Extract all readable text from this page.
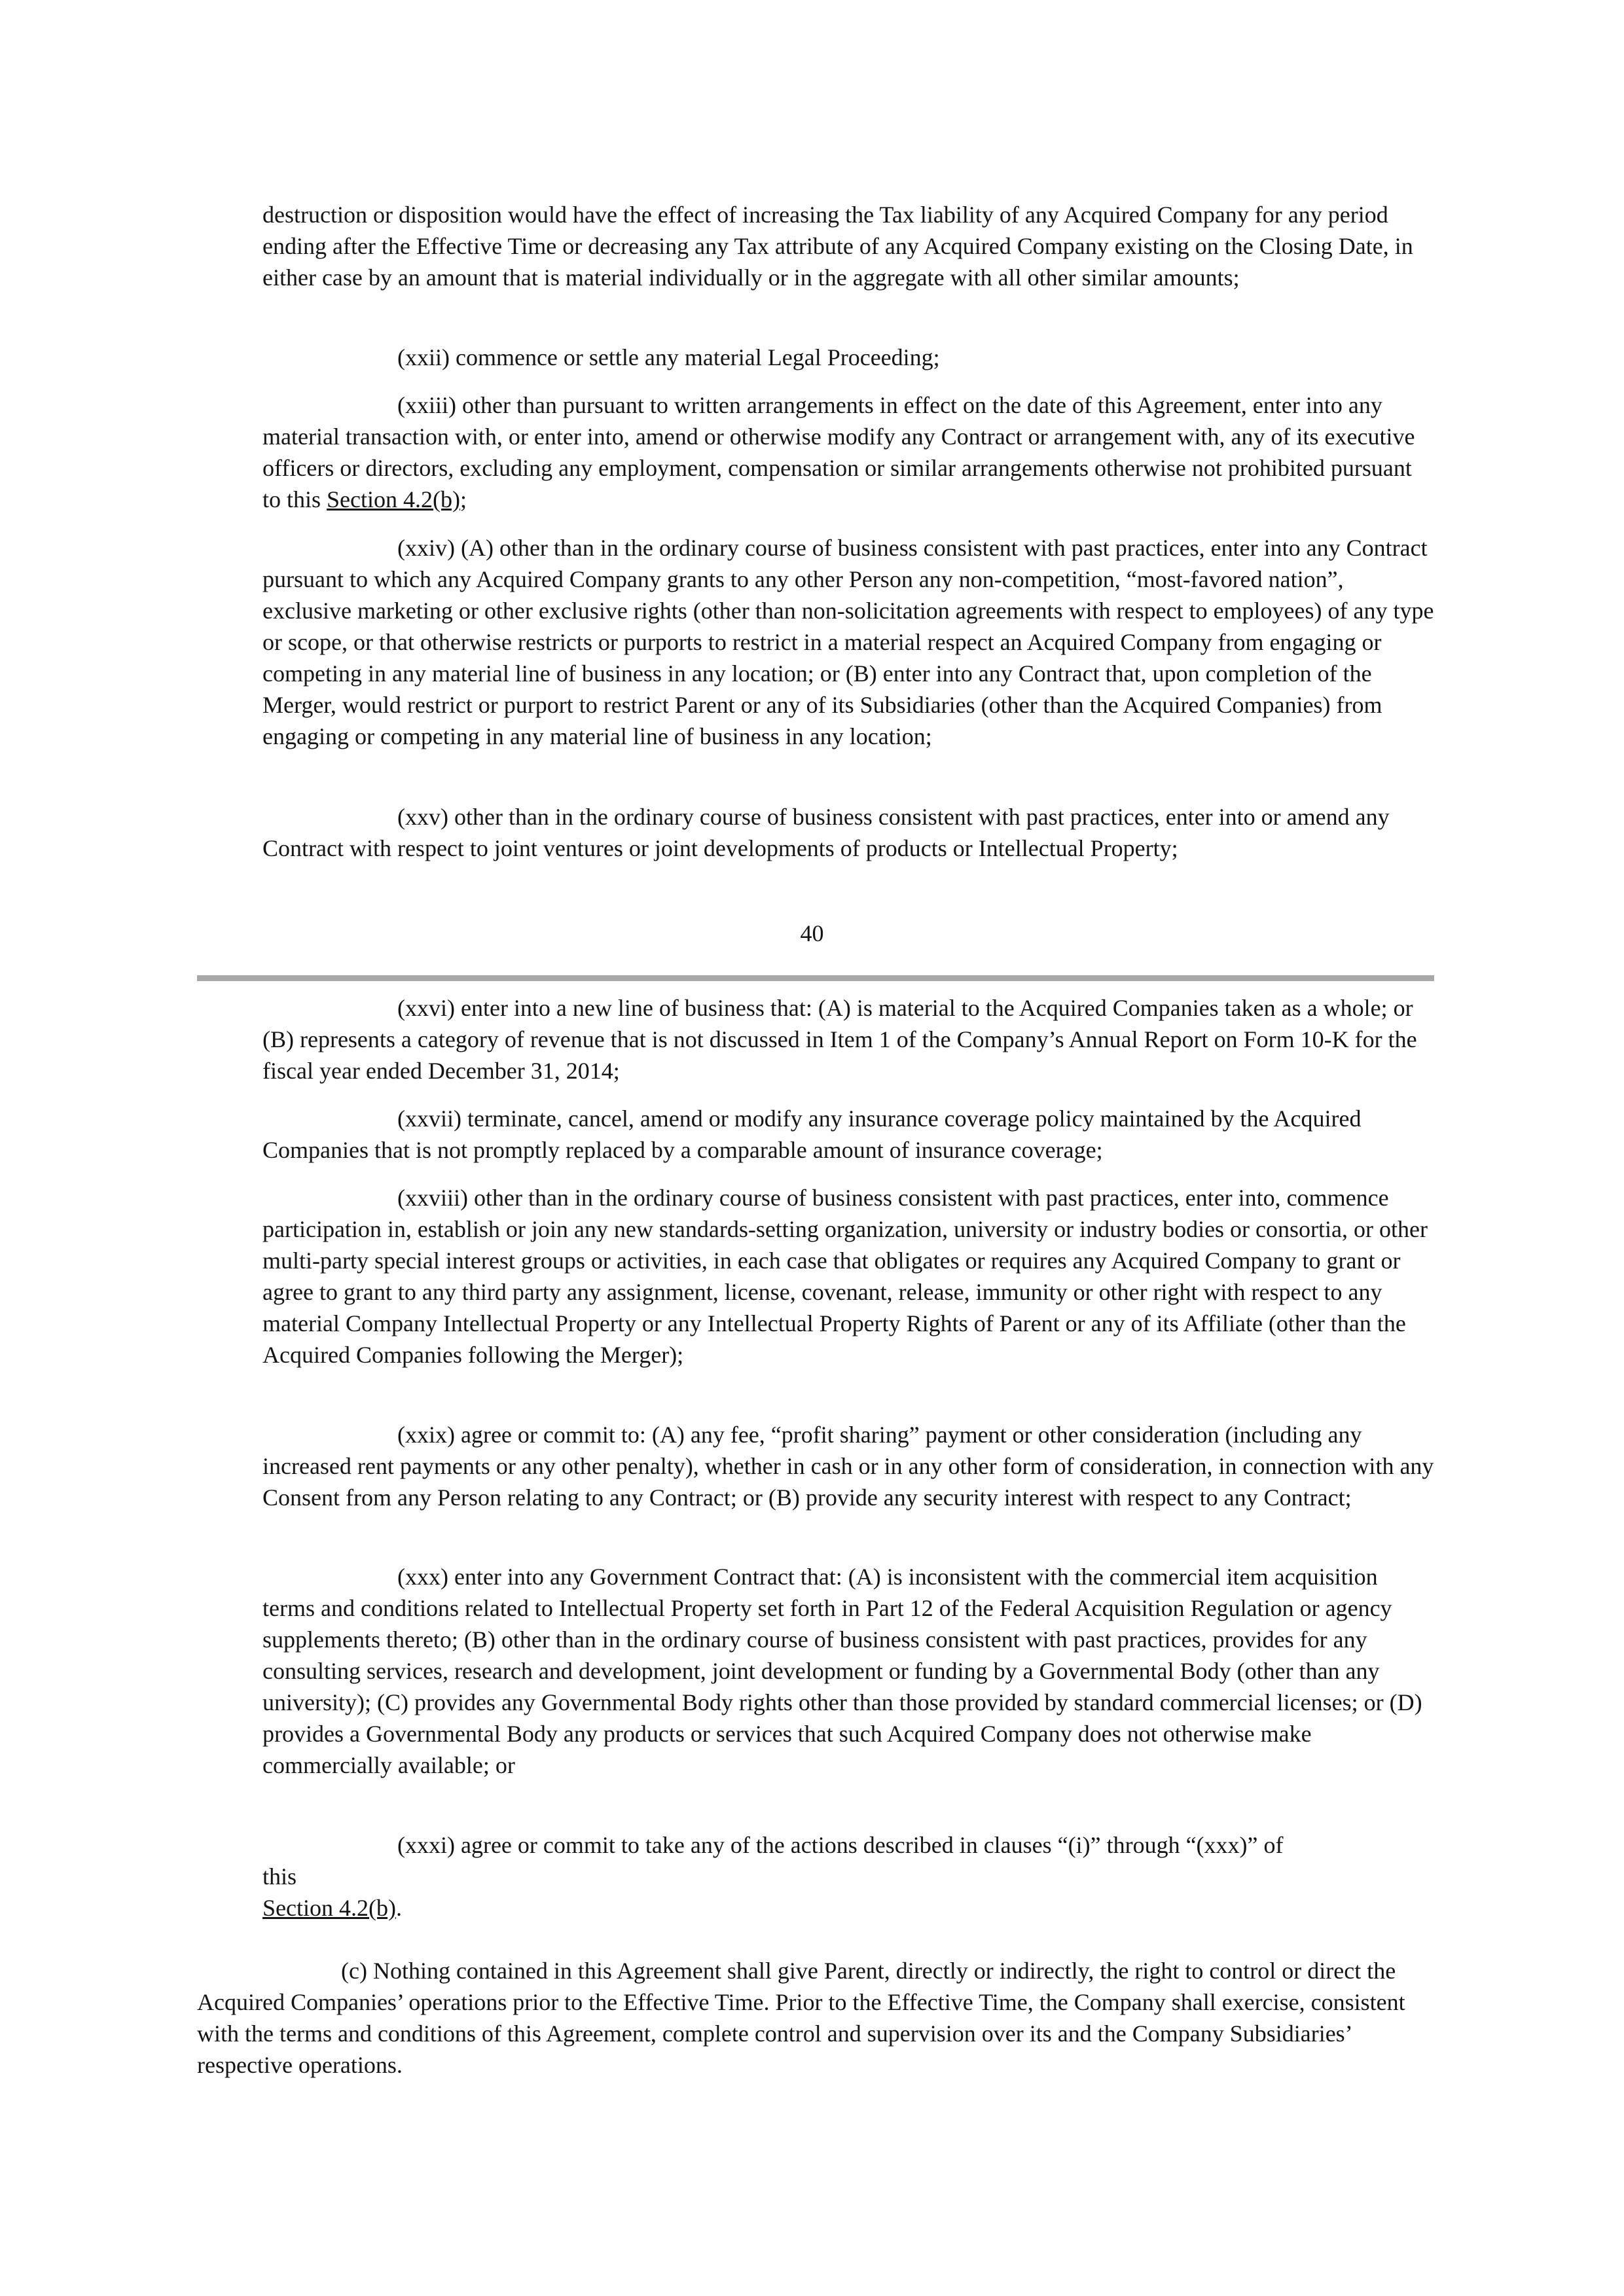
destruction or disposition would have the effect of increasing the Tax liability of any Acquired Company for any period ending after the Effective Time or decreasing any Tax attribute of any Acquired Company existing on the Closing Date, in either case by an amount that is material individually or in the aggregate with all other similar amounts;
(xxii) commence or settle any material Legal Proceeding;
(xxiii) other than pursuant to written arrangements in effect on the date of this Agreement, enter into any material transaction with, or enter into, amend or otherwise modify any Contract or arrangement with, any of its executive officers or directors, excluding any employment, compensation or similar arrangements otherwise not prohibited pursuant to this Section 4.2(b);
(xxiv) (A) other than in the ordinary course of business consistent with past practices, enter into any Contract pursuant to which any Acquired Company grants to any other Person any non-competition, “most-favored nation”, exclusive marketing or other exclusive rights (other than non-solicitation agreements with respect to employees) of any type or scope, or that otherwise restricts or purports to restrict in a material respect an Acquired Company from engaging or competing in any material line of business in any location; or (B) enter into any Contract that, upon completion of the Merger, would restrict or purport to restrict Parent or any of its Subsidiaries (other than the Acquired Companies) from engaging or competing in any material line of business in any location;
(xxv) other than in the ordinary course of business consistent with past practices, enter into or amend any Contract with respect to joint ventures or joint developments of products or Intellectual Property;
40
(xxvi) enter into a new line of business that: (A) is material to the Acquired Companies taken as a whole; or (B) represents a category of revenue that is not discussed in Item 1 of the Company’s Annual Report on Form 10-K for the fiscal year ended December 31, 2014;
(xxvii) terminate, cancel, amend or modify any insurance coverage policy maintained by the Acquired Companies that is not promptly replaced by a comparable amount of insurance coverage;
(xxviii) other than in the ordinary course of business consistent with past practices, enter into, commence participation in, establish or join any new standards-setting organization, university or industry bodies or consortia, or other multi-party special interest groups or activities, in each case that obligates or requires any Acquired Company to grant or agree to grant to any third party any assignment, license, covenant, release, immunity or other right with respect to any material Company Intellectual Property or any Intellectual Property Rights of Parent or any of its Affiliate (other than the Acquired Companies following the Merger);
(xxix) agree or commit to: (A) any fee, “profit sharing” payment or other consideration (including any increased rent payments or any other penalty), whether in cash or in any other form of consideration, in connection with any Consent from any Person relating to any Contract; or (B) provide any security interest with respect to any Contract;
(xxx) enter into any Government Contract that: (A) is inconsistent with the commercial item acquisition terms and conditions related to Intellectual Property set forth in Part 12 of the Federal Acquisition Regulation or agency supplements thereto; (B) other than in the ordinary course of business consistent with past practices, provides for any consulting services, research and development, joint development or funding by a Governmental Body (other than any university); (C) provides any Governmental Body rights other than those provided by standard commercial licenses; or (D) provides a Governmental Body any products or services that such Acquired Company does not otherwise make commercially available; or
(xxxi) agree or commit to take any of the actions described in clauses “(i)” through “(xxx)” of
this
Section 4.2(b).
(c) Nothing contained in this Agreement shall give Parent, directly or indirectly, the right to control or direct the Acquired Companies’ operations prior to the Effective Time. Prior to the Effective Time, the Company shall exercise, consistent with the terms and conditions of this Agreement, complete control and supervision over its and the Company Subsidiaries’ respective operations.
